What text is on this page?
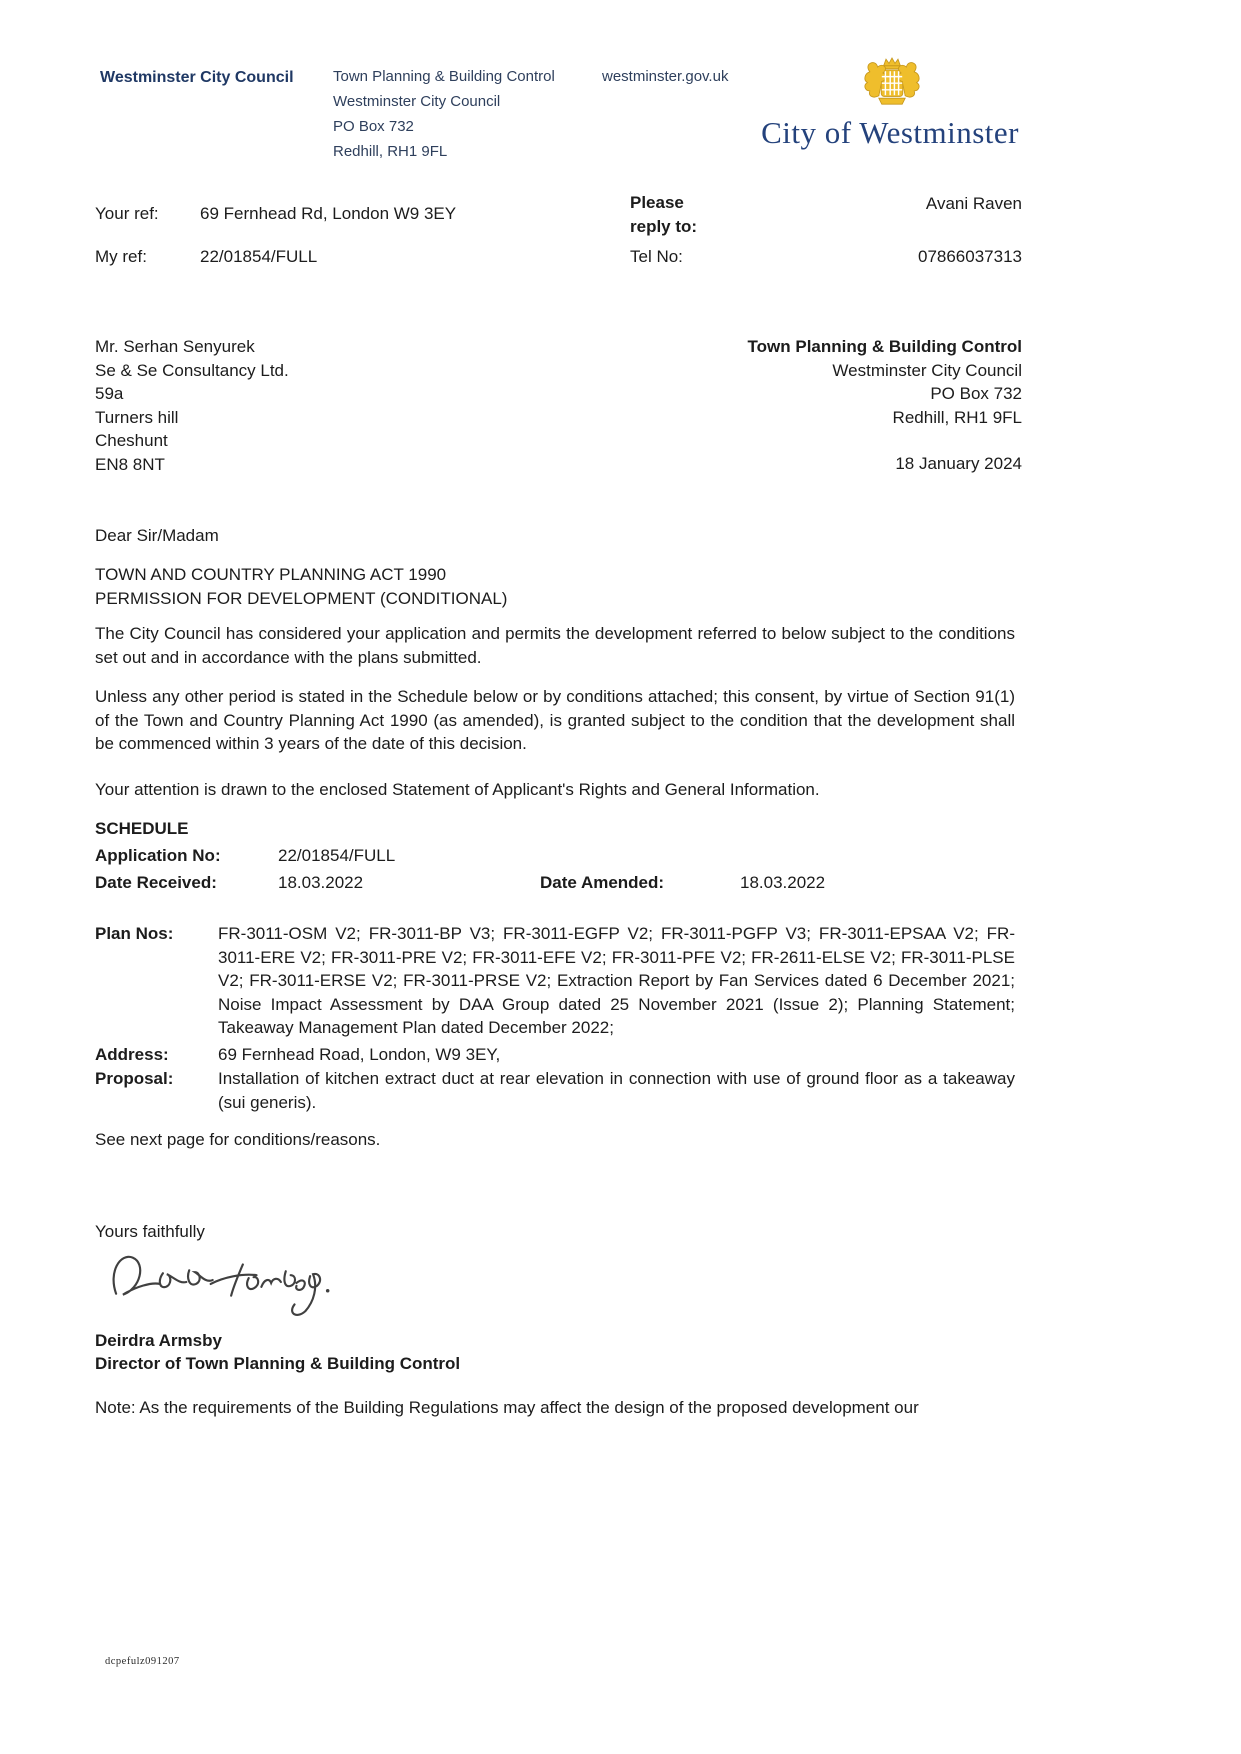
Westminster City Council	Town Planning & Building Control
Westminster City Council
PO Box 732
Redhill, RH1 9FL
westminster.gov.uk
City of Westminster
Your ref: 69 Fernhead Rd, London W9 3EY
My ref:	22/01854/FULL
Please reply to:
Avani Raven
Tel No:	07866037313
Mr. Serhan Senyurek
Se & Se Consultancy Ltd.
59a
Turners hill
Cheshunt
EN8 8NT
Town Planning & Building Control
Westminster City Council
PO Box 732
Redhill, RH1 9FL
18 January 2024
Dear Sir/Madam
TOWN AND COUNTRY PLANNING ACT 1990
PERMISSION FOR DEVELOPMENT (CONDITIONAL)
The City Council has considered your application and permits the development referred to below subject to the conditions set out and in accordance with the plans submitted.
Unless any other period is stated in the Schedule below or by conditions attached; this consent, by virtue of Section 91(1) of the Town and Country Planning Act 1990 (as amended), is granted subject to the condition that the development shall be commenced within 3 years of the date of this decision.
Your attention is drawn to the enclosed Statement of Applicant's Rights and General Information.
SCHEDULE
Application No:	22/01854/FULL
Date Received:	18.03.2022	Date Amended:	18.03.2022
Plan Nos:	FR-3011-OSM V2; FR-3011-BP V3; FR-3011-EGFP V2; FR-3011-PGFP V3; FR-3011-EPSAA V2; FR-3011-ERE V2; FR-3011-PRE V2; FR-3011-EFE V2; FR-3011-PFE V2; FR-2611-ELSE V2; FR-3011-PLSE V2; FR-3011-ERSE V2; FR-3011-PRSE V2; Extraction Report by Fan Services dated 6 December 2021; Noise Impact Assessment by DAA Group dated 25 November 2021 (Issue 2); Planning Statement; Takeaway Management Plan dated December 2022;
Address:	69 Fernhead Road, London, W9 3EY,
Proposal:	Installation of kitchen extract duct at rear elevation in connection with use of ground floor as a takeaway (sui generis).
See next page for conditions/reasons.
Yours faithfully
Deirdra Armsby
Director of Town Planning & Building Control
Note: As the requirements of the Building Regulations may affect the design of the proposed development our
dcpefulz091207
